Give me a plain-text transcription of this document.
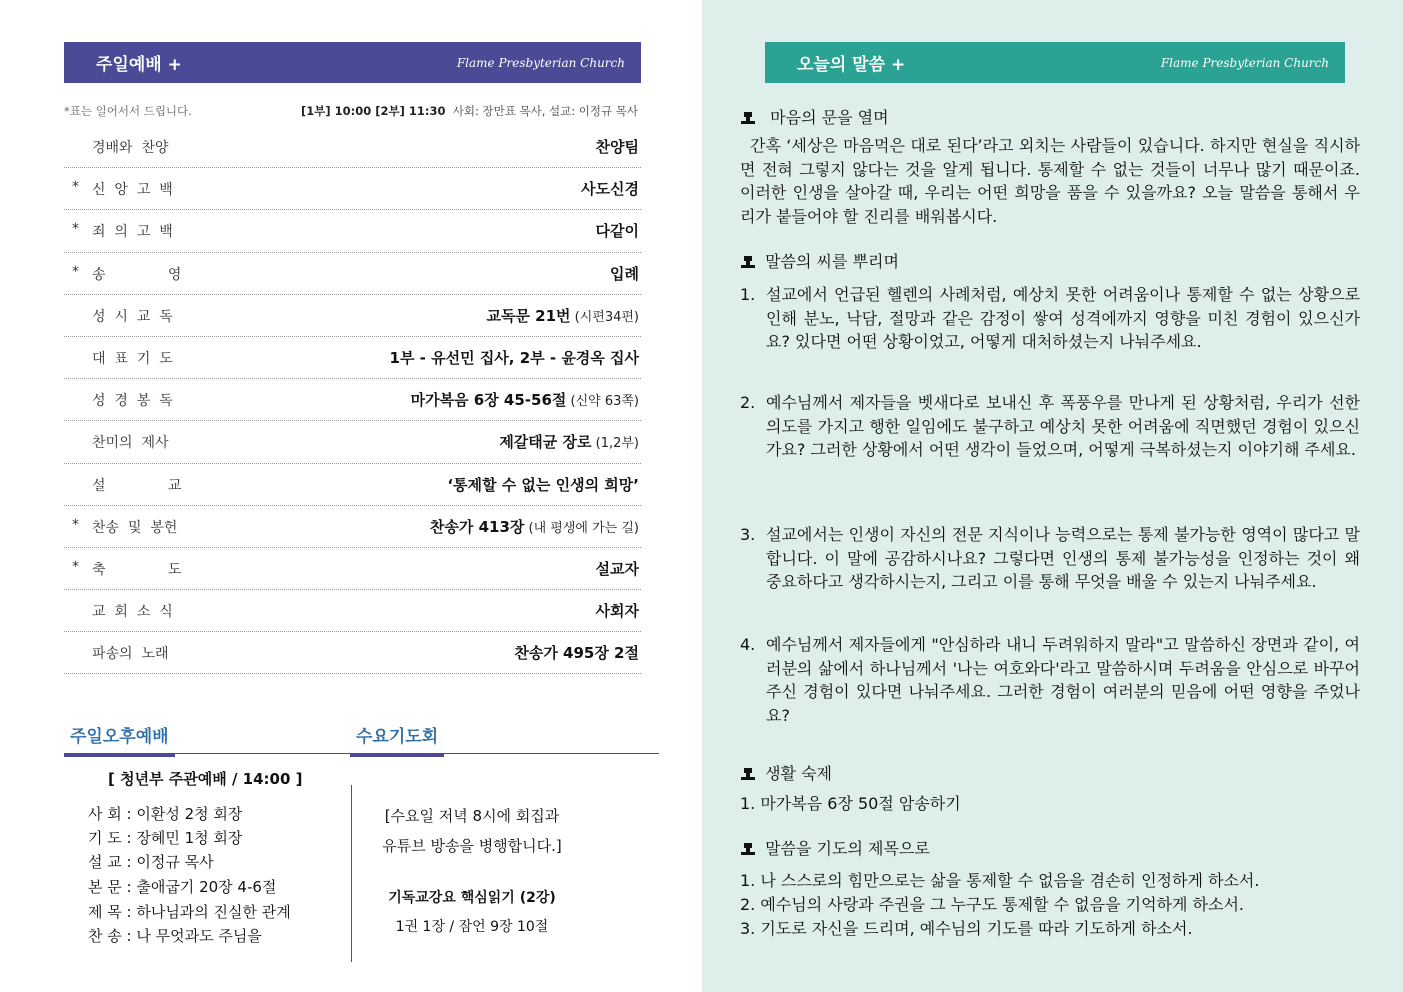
주일예배 +	Flame Presbyterian Church
*표는 일어서서 드립니다.	[1부] 10:00 [2부] 11:30 사회: 장만표 목사, 설교: 이정규 목사
경배와  찬양	찬양팀
* 신  앙  고  백	사도신경
* 죄  의  고  백	다같이
* 송              영	입례
성  시  교  독	교독문 21번 (시편34편)
대  표  기  도	1부 - 유선민 집사, 2부 - 윤경옥 집사
성  경  봉  독	마가복음 6장 45-56절 (신약 63쪽)
찬미의  제사	제갈태균 장로 (1,2부)
설              교	‘통제할 수 없는 인생의 희망’
* 찬송  및  봉헌	찬송가 413장 (내 평생에 가는 길)
* 축              도	설교자
교  회  소  식	사회자
파송의  노래	찬송가 495장 2절
주일오후예배	수요기도회
[ 청년부 주관예배 / 14:00 ]
사 회 : 이환성 2청 회장
기 도 : 장혜민 1청 회장
설 교 : 이정규 목사
본 문 : 출애굽기 20장 4-6절
제 목 : 하나님과의 진실한 관계
찬 송 : 나 무엇과도 주님을
[수요일 저녁 8시에 회집과
유튜브 방송을 병행합니다.]
기독교강요 핵심읽기 (2강)
1권 1장 / 잠언 9장 10절
오늘의 말씀 +	Flame Presbyterian Church
마음의 문을 열며
간혹 ‘세상은 마음먹은 대로 된다’라고 외치는 사람들이 있습니다. 하지만 현실을 직시하면 전혀 그렇지 않다는 것을 알게 됩니다. 통제할 수 없는 것들이 너무나 많기 때문이죠. 이러한 인생을 살아갈 때, 우리는 어떤 희망을 품을 수 있을까요? 오늘 말씀을 통해서 우리가 붙들어야 할 진리를 배워봅시다.
말씀의 씨를 뿌리며
1. 설교에서 언급된 헬렌의 사례처럼, 예상치 못한 어려움이나 통제할 수 없는 상황으로 인해 분노, 낙담, 절망과 같은 감정이 쌓여 성격에까지 영향을 미친 경험이 있으신가요? 있다면 어떤 상황이었고, 어떻게 대처하셨는지 나눠주세요.
2. 예수님께서 제자들을 벳새다로 보내신 후 폭풍우를 만나게 된 상황처럼, 우리가 선한 의도를 가지고 행한 일임에도 불구하고 예상치 못한 어려움에 직면했던 경험이 있으신가요? 그러한 상황에서 어떤 생각이 들었으며, 어떻게 극복하셨는지 이야기해 주세요.
3. 설교에서는 인생이 자신의 전문 지식이나 능력으로는 통제 불가능한 영역이 많다고 말합니다. 이 말에 공감하시나요? 그렇다면 인생의 통제 불가능성을 인정하는 것이 왜 중요하다고 생각하시는지, 그리고 이를 통해 무엇을 배울 수 있는지 나눠주세요.
4. 예수님께서 제자들에게 "안심하라 내니 두려워하지 말라"고 말씀하신 장면과 같이, 여러분의 삶에서 하나님께서 '나는 여호와다'라고 말씀하시며 두려움을 안심으로 바꾸어주신 경험이 있다면 나눠주세요. 그러한 경험이 여러분의 믿음에 어떤 영향을 주었나요?
생활 숙제
1. 마가복음 6장 50절 암송하기
말씀을 기도의 제목으로
1. 나 스스로의 힘만으로는 삶을 통제할 수 없음을 겸손히 인정하게 하소서.
2. 예수님의 사랑과 주권을 그 누구도 통제할 수 없음을 기억하게 하소서.
3. 기도로 자신을 드리며, 예수님의 기도를 따라 기도하게 하소서.
